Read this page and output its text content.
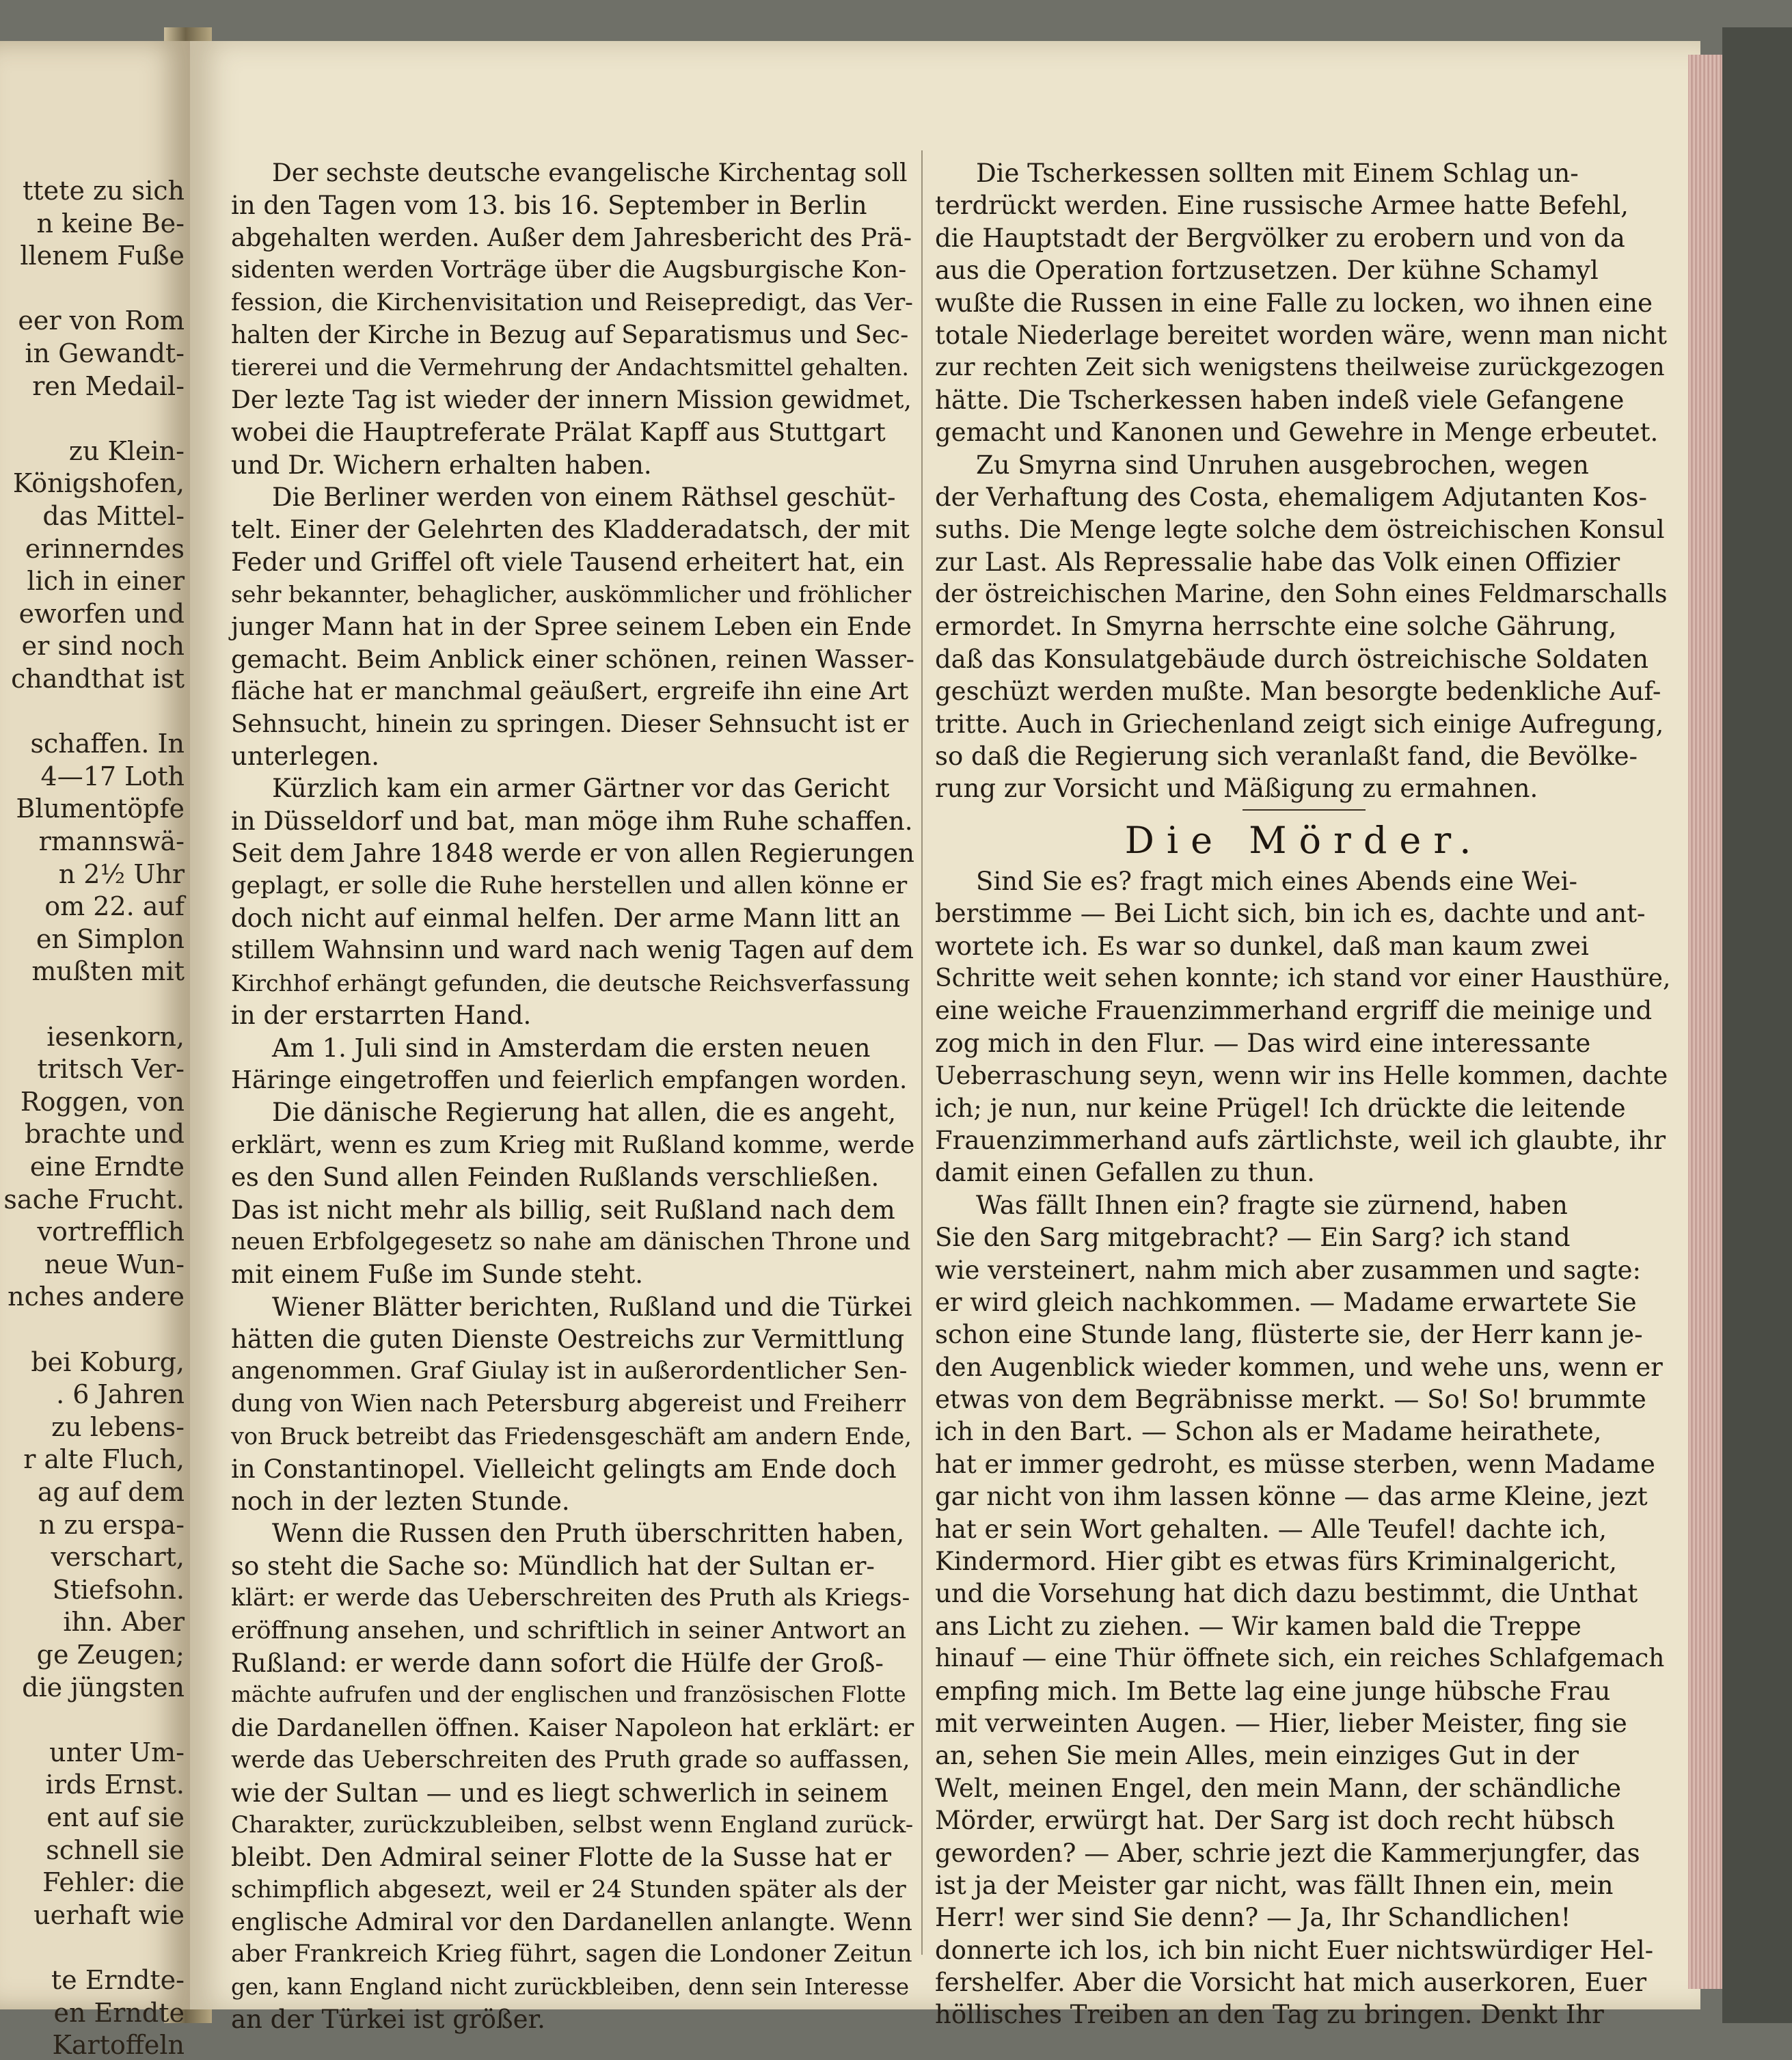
ttete zu sich
n keine Be-
llenem Fuße
eer von Rom
in Gewandt-
ren Medail-
zu Klein-
Königshofen,
das Mittel-
erinnerndes
lich in einer
eworfen und
er sind noch
chandthat ist
schaffen. In
4—17 Loth
Blumentöpfe
rmannswä-
n 2½ Uhr
om 22. auf
en Simplon
mußten mit
iesenkorn,
tritsch Ver-
Roggen, von
brachte und
eine Erndte
sache Frucht.
vortrefflich
neue Wun-
nches andere
bei Koburg,
. 6 Jahren
zu lebens-
r alte Fluch,
ag auf dem
n zu erspa-
verschart,
Stiefsohn.
ihn. Aber
ge Zeugen;
die jüngsten
unter Um-
irds Ernst.
ent auf sie
schnell sie
Fehler: die
uerhaft wie
te Erndte-
en Erndte
Kartoffeln
Der sechste deutsche evangelische Kirchentag soll
in den Tagen vom 13. bis 16. September in Berlin
abgehalten werden. Außer dem Jahresbericht des Prä-
sidenten werden Vorträge über die Augsburgische Kon-
fession, die Kirchenvisitation und Reisepredigt, das Ver-
halten der Kirche in Bezug auf Separatismus und Sec-
tiererei und die Vermehrung der Andachtsmittel gehalten.
Der lezte Tag ist wieder der innern Mission gewidmet,
wobei die Hauptreferate Prälat Kapff aus Stuttgart
und Dr. Wichern erhalten haben.
Die Berliner werden von einem Räthsel geschüt-
telt. Einer der Gelehrten des Kladderadatsch, der mit
Feder und Griffel oft viele Tausend erheitert hat, ein
sehr bekannter, behaglicher, auskömmlicher und fröhlicher
junger Mann hat in der Spree seinem Leben ein Ende
gemacht. Beim Anblick einer schönen, reinen Wasser-
fläche hat er manchmal geäußert, ergreife ihn eine Art
Sehnsucht, hinein zu springen. Dieser Sehnsucht ist er
unterlegen.
Kürzlich kam ein armer Gärtner vor das Gericht
in Düsseldorf und bat, man möge ihm Ruhe schaffen.
Seit dem Jahre 1848 werde er von allen Regierungen
geplagt, er solle die Ruhe herstellen und allen könne er
doch nicht auf einmal helfen. Der arme Mann litt an
stillem Wahnsinn und ward nach wenig Tagen auf dem
Kirchhof erhängt gefunden, die deutsche Reichsverfassung
in der erstarrten Hand.
Am 1. Juli sind in Amsterdam die ersten neuen
Häringe eingetroffen und feierlich empfangen worden.
Die dänische Regierung hat allen, die es angeht,
erklärt, wenn es zum Krieg mit Rußland komme, werde
es den Sund allen Feinden Rußlands verschließen.
Das ist nicht mehr als billig, seit Rußland nach dem
neuen Erbfolgegesetz so nahe am dänischen Throne und
mit einem Fuße im Sunde steht.
Wiener Blätter berichten, Rußland und die Türkei
hätten die guten Dienste Oestreichs zur Vermittlung
angenommen. Graf Giulay ist in außerordentlicher Sen-
dung von Wien nach Petersburg abgereist und Freiherr
von Bruck betreibt das Friedensgeschäft am andern Ende,
in Constantinopel. Vielleicht gelingts am Ende doch
noch in der lezten Stunde.
Wenn die Russen den Pruth überschritten haben,
so steht die Sache so: Mündlich hat der Sultan er-
klärt: er werde das Ueberschreiten des Pruth als Kriegs-
eröffnung ansehen, und schriftlich in seiner Antwort an
Rußland: er werde dann sofort die Hülfe der Groß-
mächte aufrufen und der englischen und französischen Flotte
die Dardanellen öffnen. Kaiser Napoleon hat erklärt: er
werde das Ueberschreiten des Pruth grade so auffassen,
wie der Sultan — und es liegt schwerlich in seinem
Charakter, zurückzubleiben, selbst wenn England zurück-
bleibt. Den Admiral seiner Flotte de la Susse hat er
schimpflich abgesezt, weil er 24 Stunden später als der
englische Admiral vor den Dardanellen anlangte. Wenn
aber Frankreich Krieg führt, sagen die Londoner Zeitun
gen, kann England nicht zurückbleiben, denn sein Interesse
an der Türkei ist größer.
Die Tscherkessen sollten mit Einem Schlag un-
terdrückt werden. Eine russische Armee hatte Befehl,
die Hauptstadt der Bergvölker zu erobern und von da
aus die Operation fortzusetzen. Der kühne Schamyl
wußte die Russen in eine Falle zu locken, wo ihnen eine
totale Niederlage bereitet worden wäre, wenn man nicht
zur rechten Zeit sich wenigstens theilweise zurückgezogen
hätte. Die Tscherkessen haben indeß viele Gefangene
gemacht und Kanonen und Gewehre in Menge erbeutet.
Zu Smyrna sind Unruhen ausgebrochen, wegen
der Verhaftung des Costa, ehemaligem Adjutanten Kos-
suths. Die Menge legte solche dem östreichischen Konsul
zur Last. Als Repressalie habe das Volk einen Offizier
der östreichischen Marine, den Sohn eines Feldmarschalls
ermordet. In Smyrna herrschte eine solche Gährung,
daß das Konsulatgebäude durch östreichische Soldaten
geschüzt werden mußte. Man besorgte bedenkliche Auf-
tritte. Auch in Griechenland zeigt sich einige Aufregung,
so daß die Regierung sich veranlaßt fand, die Bevölke-
rung zur Vorsicht und Mäßigung zu ermahnen.
Die Mörder.
Sind Sie es? fragt mich eines Abends eine Wei-
berstimme — Bei Licht sich, bin ich es, dachte und ant-
wortete ich. Es war so dunkel, daß man kaum zwei
Schritte weit sehen konnte; ich stand vor einer Hausthüre,
eine weiche Frauenzimmerhand ergriff die meinige und
zog mich in den Flur. — Das wird eine interessante
Ueberraschung seyn, wenn wir ins Helle kommen, dachte
ich; je nun, nur keine Prügel! Ich drückte die leitende
Frauenzimmerhand aufs zärtlichste, weil ich glaubte, ihr
damit einen Gefallen zu thun.
Was fällt Ihnen ein? fragte sie zürnend, haben
Sie den Sarg mitgebracht? — Ein Sarg? ich stand
wie versteinert, nahm mich aber zusammen und sagte:
er wird gleich nachkommen. — Madame erwartete Sie
schon eine Stunde lang, flüsterte sie, der Herr kann je-
den Augenblick wieder kommen, und wehe uns, wenn er
etwas von dem Begräbnisse merkt. — So! So! brummte
ich in den Bart. — Schon als er Madame heirathete,
hat er immer gedroht, es müsse sterben, wenn Madame
gar nicht von ihm lassen könne — das arme Kleine, jezt
hat er sein Wort gehalten. — Alle Teufel! dachte ich,
Kindermord. Hier gibt es etwas fürs Kriminalgericht,
und die Vorsehung hat dich dazu bestimmt, die Unthat
ans Licht zu ziehen. — Wir kamen bald die Treppe
hinauf — eine Thür öffnete sich, ein reiches Schlafgemach
empfing mich. Im Bette lag eine junge hübsche Frau
mit verweinten Augen. — Hier, lieber Meister, fing sie
an, sehen Sie mein Alles, mein einziges Gut in der
Welt, meinen Engel, den mein Mann, der schändliche
Mörder, erwürgt hat. Der Sarg ist doch recht hübsch
geworden? — Aber, schrie jezt die Kammerjungfer, das
ist ja der Meister gar nicht, was fällt Ihnen ein, mein
Herr! wer sind Sie denn? — Ja, Ihr Schandlichen!
donnerte ich los, ich bin nicht Euer nichtswürdiger Hel-
fershelfer. Aber die Vorsicht hat mich auserkoren, Euer
höllisches Treiben an den Tag zu bringen. Denkt Ihr
